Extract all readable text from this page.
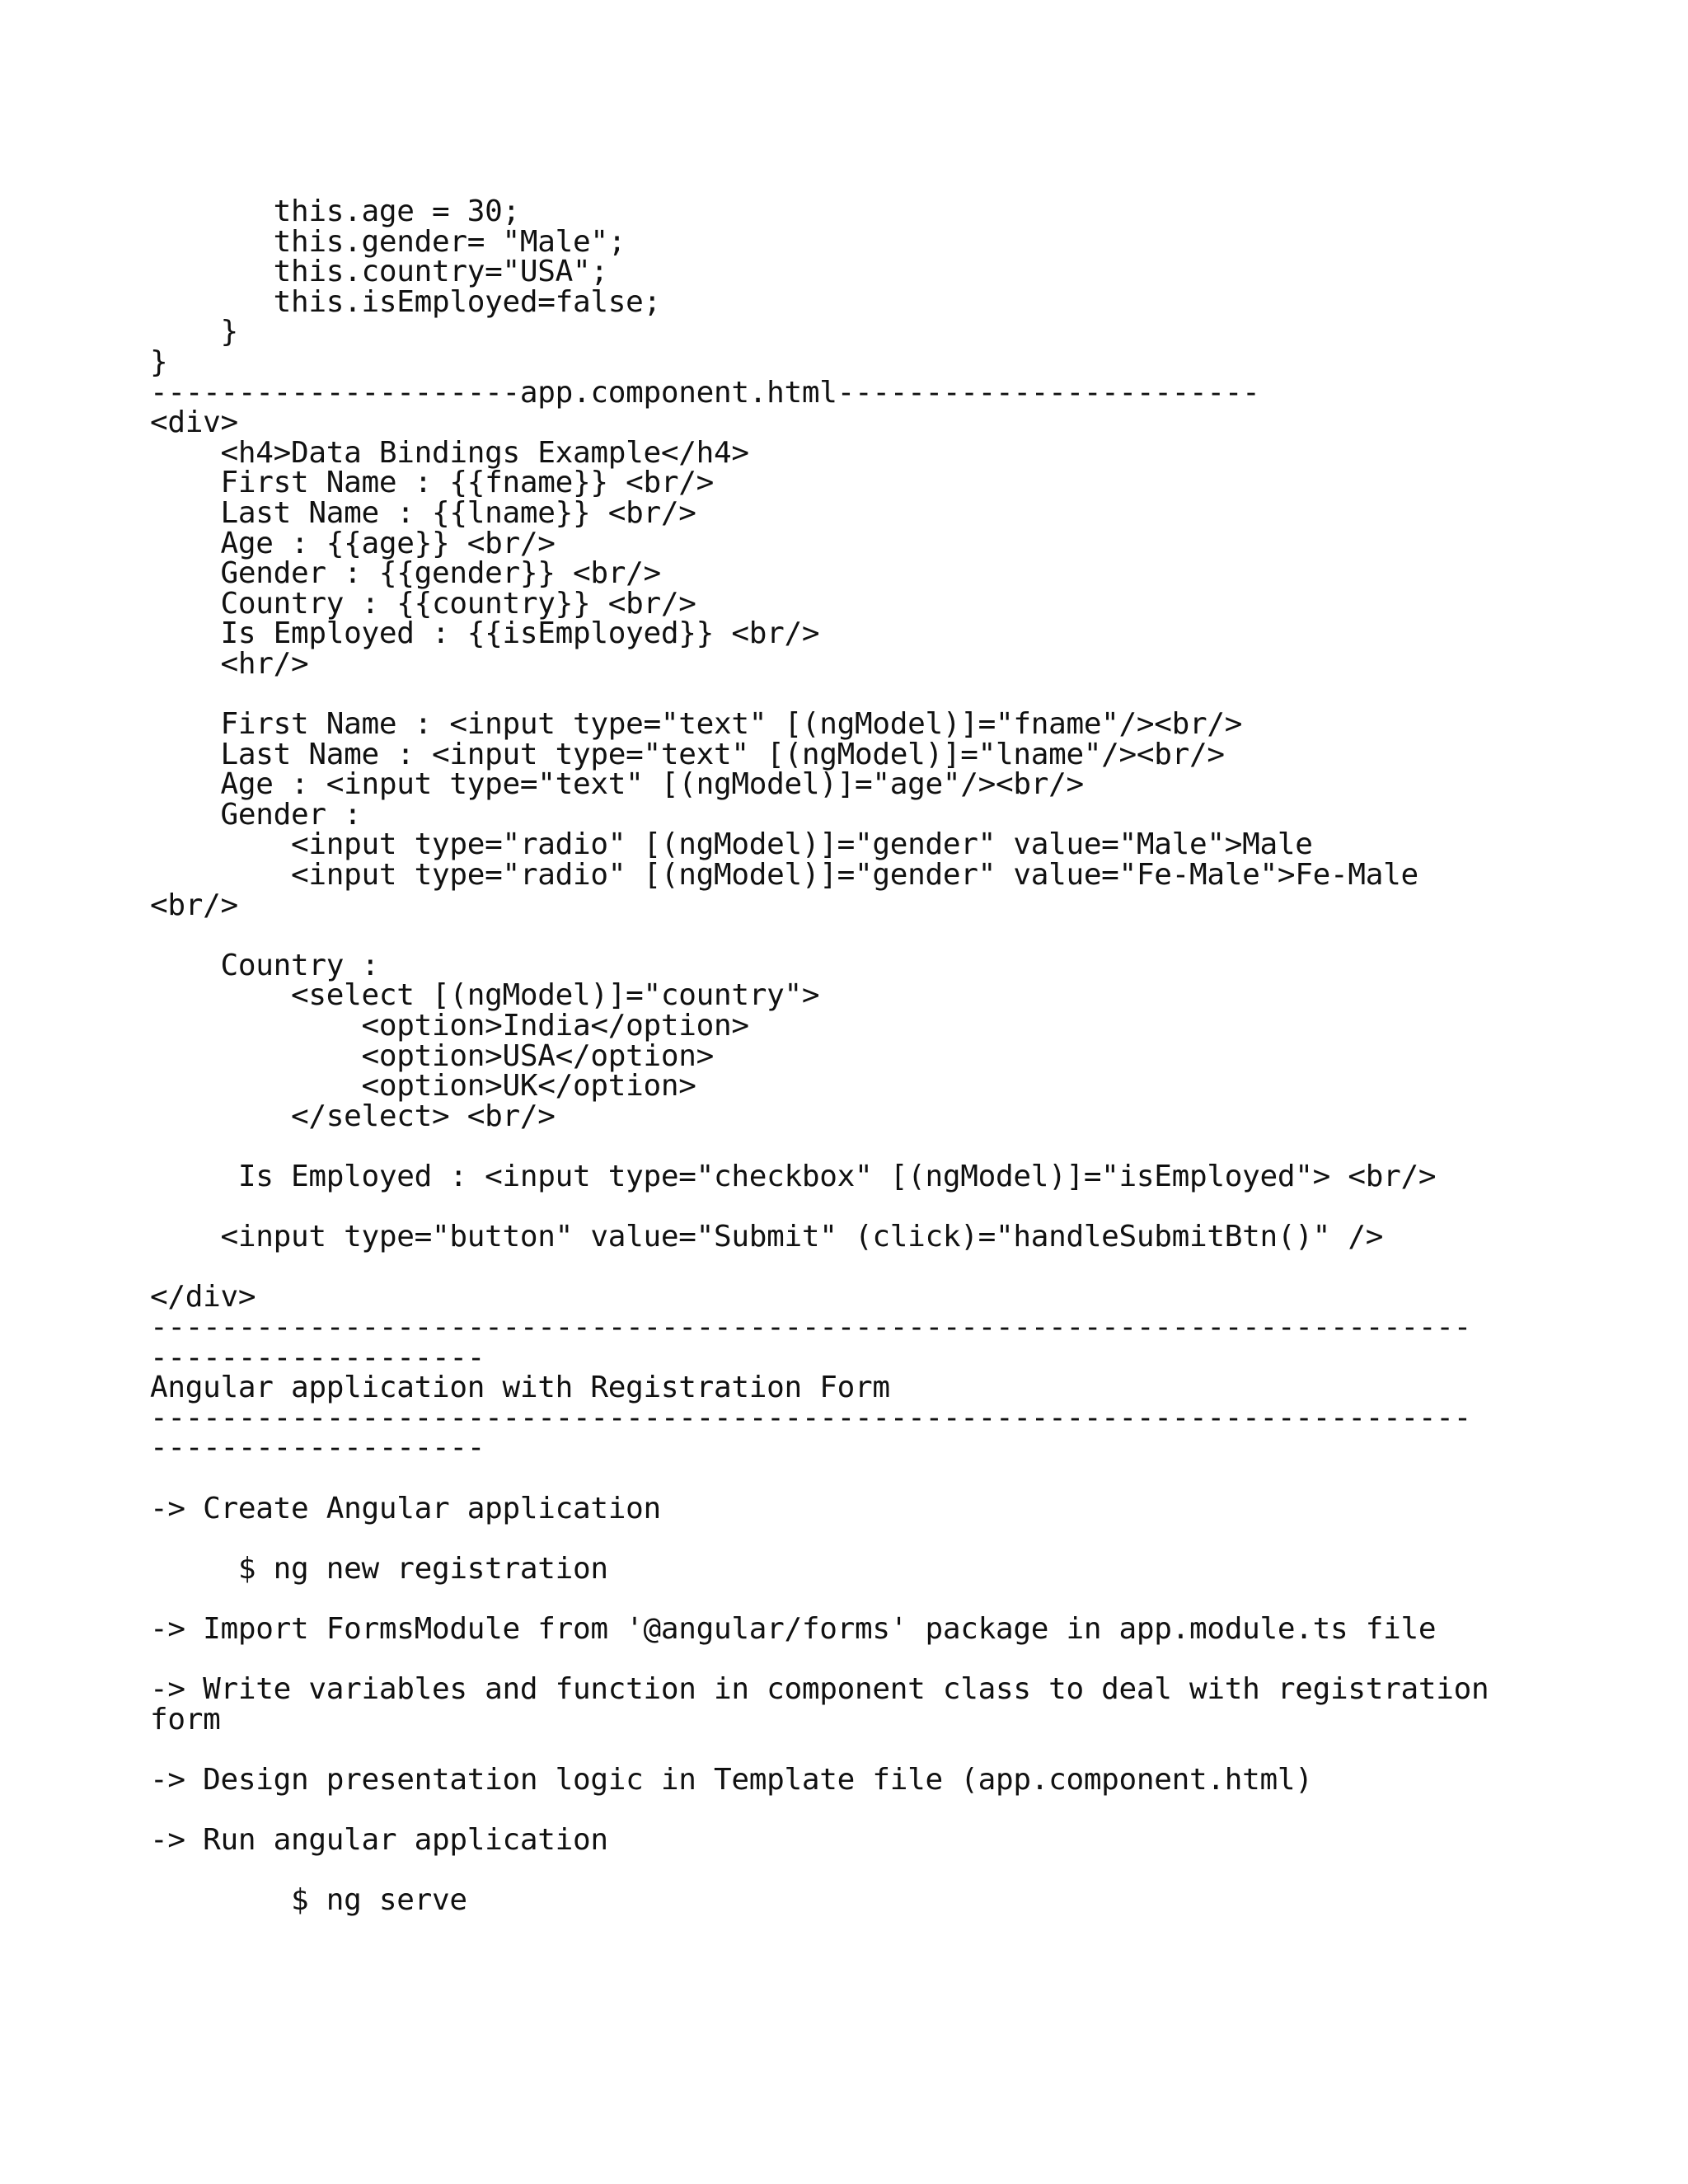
this.age = 30;
this.gender= "Male";
this.country="USA";
this.isEmployed=false;
}
}
---------------------app.component.html------------------------
<div>
<h4>Data Bindings Example</h4>
First Name : {{fname}} <br/>
Last Name : {{lname}} <br/>
Age : {{age}} <br/>
Gender : {{gender}} <br/>
Country : {{country}} <br/>
Is Employed : {{isEmployed}} <br/>
<hr/>
First Name : <input type="text" [(ngModel)]="fname"/><br/>
Last Name : <input type="text" [(ngModel)]="lname"/><br/>
Age : <input type="text" [(ngModel)]="age"/><br/>
Gender :
<input type="radio" [(ngModel)]="gender" value="Male">Male
<input type="radio" [(ngModel)]="gender" value="Fe-Male">Fe-Male
<br/>
Country :
<select [(ngModel)]="country">
<option>India</option>
<option>USA</option>
<option>UK</option>
</select> <br/>
Is Employed : <input type="checkbox" [(ngModel)]="isEmployed"> <br/>
<input type="button" value="Submit" (click)="handleSubmitBtn()" />
</div>
---------------------------------------------------------------------------
-------------------
Angular application with Registration Form
---------------------------------------------------------------------------
-------------------
-> Create Angular application
$ ng new registration
-> Import FormsModule from '@angular/forms' package in app.module.ts file
-> Write variables and function in component class to deal with registration
form
-> Design presentation logic in Template file (app.component.html)
-> Run angular application
$ ng serve
